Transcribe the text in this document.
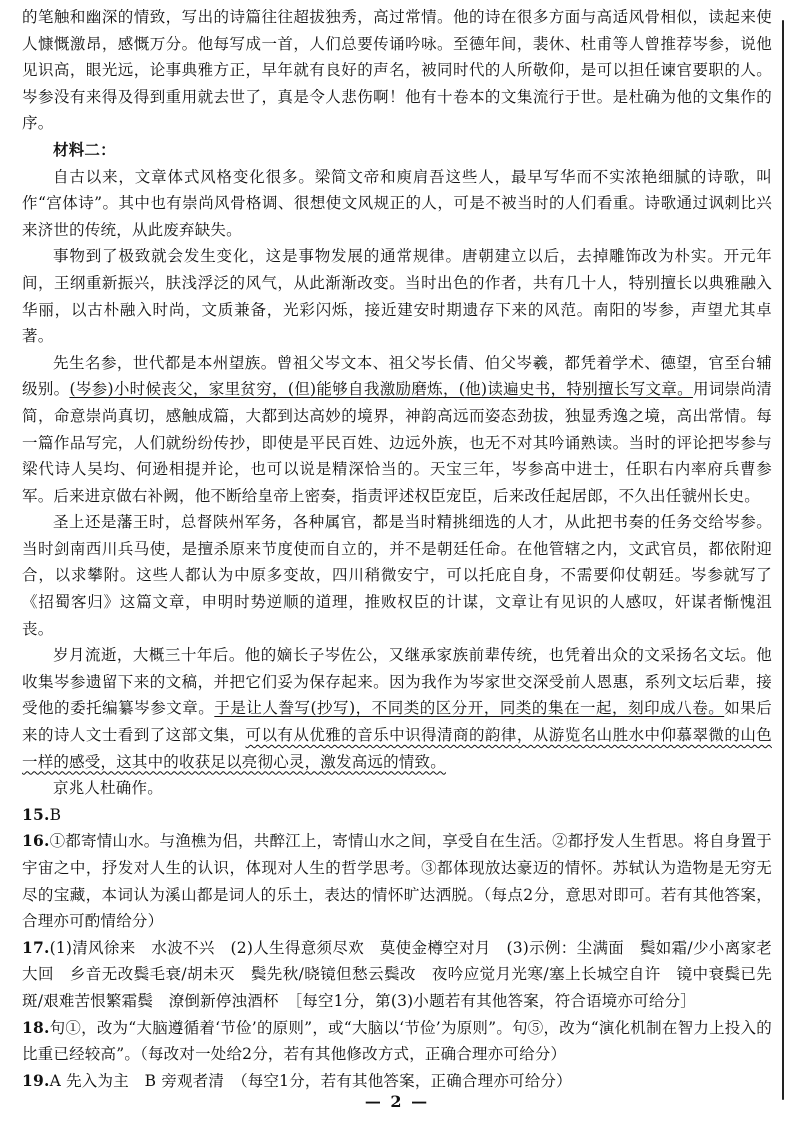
的笔触和幽深的情致，写出的诗篇往往超拔独秀，高过常情。他的诗在很多方面与高适风骨相似，读起来使人慷慨激昂，感慨万分。他每写成一首，人们总要传诵吟咏。至德年间，裴休、杜甫等人曾推荐岑参，说他见识高，眼光远，论事典雅方正，早年就有良好的声名，被同时代的人所敬仰，是可以担任谏官要职的人。岑参没有来得及得到重用就去世了，真是令人悲伤啊！他有十卷本的文集流行于世。是杜确为他的文集作的序。

材料二：

自古以来，文章体式风格变化很多。梁简文帝和庾肩吾这些人，最早写华而不实浓艳细腻的诗歌，叫作“宫体诗”。其中也有崇尚风骨格调、很想使文风规正的人，可是不被当时的人们看重。诗歌通过讽刺比兴来济世的传统，从此废弃缺失。

事物到了极致就会发生变化，这是事物发展的通常规律。唐朝建立以后，去掉雕饰改为朴实。开元年间，王纲重新振兴，肤浅浮泛的风气，从此渐渐改变。当时出色的作者，共有几十人，特别擅长以典雅融入华丽，以古朴融入时尚，文质兼备，光彩闪烁，接近建安时期遗存下来的风范。南阳的岑参，声望尤其卓著。

先生名参，世代都是本州望族。曾祖父岑文本、祖父岑长倩、伯父岑羲，都凭着学术、德望，官至台辅级别。(岑参)小时候丧父，家里贫穷，(但)能够自我激励磨炼，(他)读遍史书，特别擅长写文章。用词崇尚清简，命意崇尚真切，感触成篇，大都到达高妙的境界，神韵高远而姿态劲拔，独显秀逸之境，高出常情。每一篇作品写完，人们就纷纷传抄，即使是平民百姓、边远外族，也无不对其吟诵熟读。当时的评论把岑参与梁代诗人吴均、何逊相提并论，也可以说是精深恰当的。天宝三年，岑参高中进士，任职右内率府兵曹参军。后来进京做右补阙，他不断给皇帝上密奏，指责评述权臣宠臣，后来改任起居郎，不久出任虢州长史。

圣上还是藩王时，总督陕州军务，各种属官，都是当时精挑细选的人才，从此把书奏的任务交给岑参。当时剑南西川兵马使，是擅杀原来节度使而自立的，并不是朝廷任命。在他管辖之内，文武官员，都依附迎合，以求攀附。这些人都认为中原多变故，四川稍微安宁，可以托庇自身，不需要仰仗朝廷。岑参就写了《招蜀客归》这篇文章，申明时势逆顺的道理，推败权臣的计谋，文章让有见识的人感叹，奸谋者惭愧沮丧。

岁月流逝，大概三十年后。他的嫡长子岑佐公，又继承家族前辈传统，也凭着出众的文采扬名文坛。他收集岑参遗留下来的文稿，并把它们妥为保存起来。因为我作为岑家世交深受前人恩惠，系列文坛后辈，接受他的委托编纂岑参文章。于是让人誊写(抄写)，不同类的区分开，同类的集在一起，刻印成八卷。如果后来的诗人文士看到了这部文集，可以有从优雅的音乐中识得清商的韵律，从游览名山胜水中仰慕翠微的山色一样的感受，这其中的收获足以亮彻心灵，激发高远的情致。

京兆人杜确作。

15.B

16.①都寄情山水。与渔樵为侣，共醉江上，寄情山水之间，享受自在生活。②都抒发人生哲思。将自身置于宇宙之中，抒发对人生的认识，体现对人生的哲学思考。③都体现放达豪迈的情怀。苏轼认为造物是无穷无尽的宝藏，本词认为溪山都是词人的乐土，表达的情怀旷达洒脱。（每点2分，意思对即可。若有其他答案，合理亦可酌情给分）

17.(1)清风徐来　水波不兴　(2)人生得意须尽欢　莫使金樽空对月　(3)示例：尘满面　鬓如霜/少小离家老大回　乡音无改鬓毛衰/胡未灭　鬓先秋/晓镜但愁云鬓改　夜吟应觉月光寒/塞上长城空自许　镜中衰鬓已先斑/艰难苦恨繁霜鬓　潦倒新停浊酒杯　［每空1分，第(3)小题若有其他答案，符合语境亦可给分］

18.句①，改为“大脑遵循着‘节俭’的原则”，或“大脑以‘节俭’为原则”。句⑤，改为“演化机制在智力上投入的比重已经较高”。（每改对一处给2分，若有其他修改方式，正确合理亦可给分）

19.A 先入为主　B 旁观者清　（每空1分，若有其他答案，正确合理亦可给分）

— 2 —
